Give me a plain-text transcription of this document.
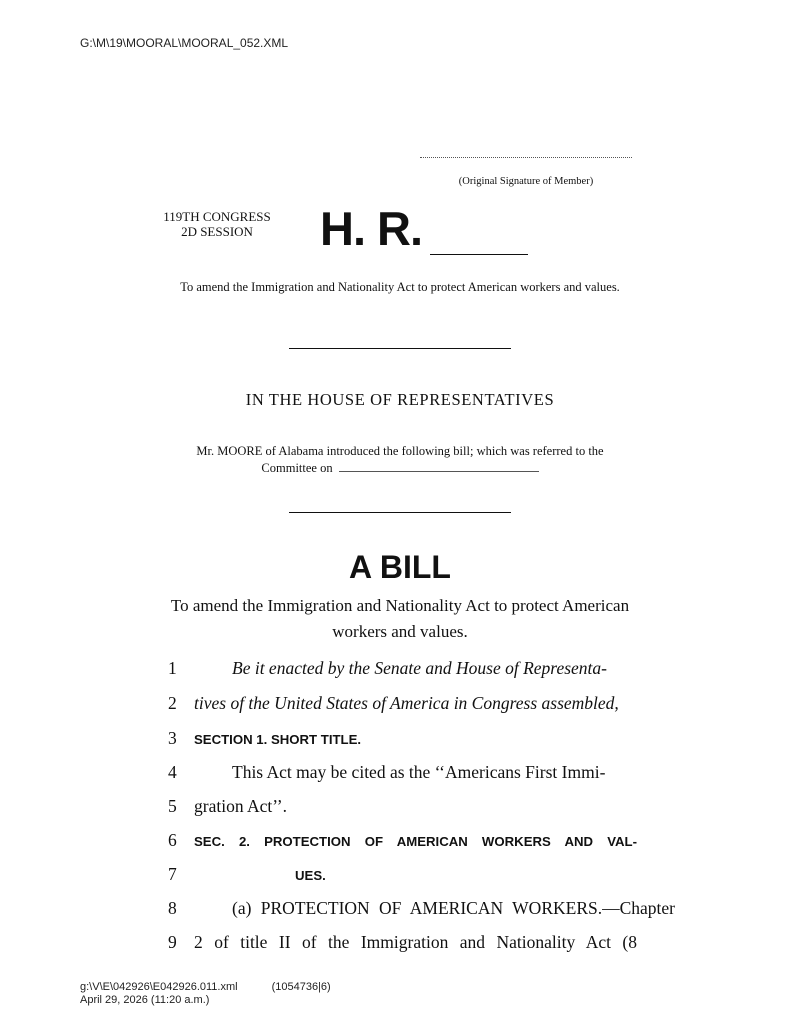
G:\M\19\MOORAL\MOORAL_052.XML
(Original Signature of Member)
119TH CONGRESS
2D SESSION	H. R.
To amend the Immigration and Nationality Act to protect American workers and values.
IN THE HOUSE OF REPRESENTATIVES
Mr. MOORE of Alabama introduced the following bill; which was referred to the Committee on
A BILL
To amend the Immigration and Nationality Act to protect American workers and values.
1	Be it enacted by the Senate and House of Representa-
2 tives of the United States of America in Congress assembled,
3	SECTION 1. SHORT TITLE.
4	This Act may be cited as the ‘‘Americans First Immi-
5 gration Act’’.
6	SEC. 2. PROTECTION OF AMERICAN WORKERS AND VAL-
7	UES.
8	(a) PROTECTION OF AMERICAN WORKERS.—Chapter
9 2 of title II of the Immigration and Nationality Act (8
g:\V\E\042926\E042926.011.xml	(1054736|6)
April 29, 2026 (11:20 a.m.)
